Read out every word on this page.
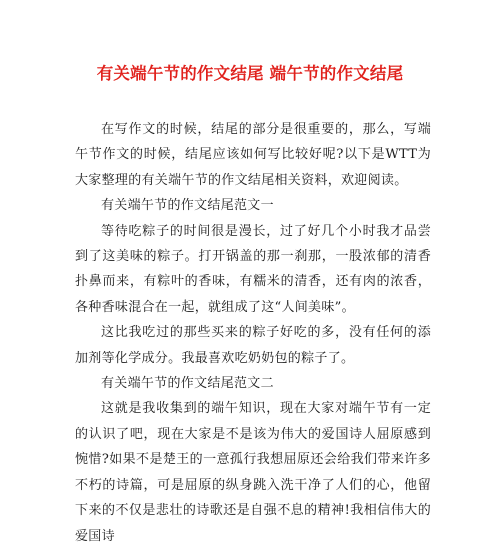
有关端午节的作文结尾 端午节的作文结尾

在写作文的时候，结尾的部分是很重要的，那么，写端午节作文的时候，结尾应该如何写比较好呢?以下是WTT为大家整理的有关端午节的作文结尾相关资料，欢迎阅读。

有关端午节的作文结尾范文一

等待吃粽子的时间很是漫长，过了好几个小时我才品尝到了这美味的粽子。打开锅盖的那一刹那，一股浓郁的清香扑鼻而来，有粽叶的香味，有糯米的清香，还有肉的浓香，各种香味混合在一起，就组成了这“人间美味”。

这比我吃过的那些买来的粽子好吃的多，没有任何的添加剂等化学成分。我最喜欢吃奶奶包的粽子了。

有关端午节的作文结尾范文二

这就是我收集到的端午知识，现在大家对端午节有一定的认识了吧，现在大家是不是该为伟大的爱国诗人屈原感到惋惜?如果不是楚王的一意孤行我想屈原还会给我们带来许多不朽的诗篇，可是屈原的纵身跳入洗干净了人们的心，他留下来的不仅是悲壮的诗歌还是自强不息的精神!我相信伟大的爱国诗
